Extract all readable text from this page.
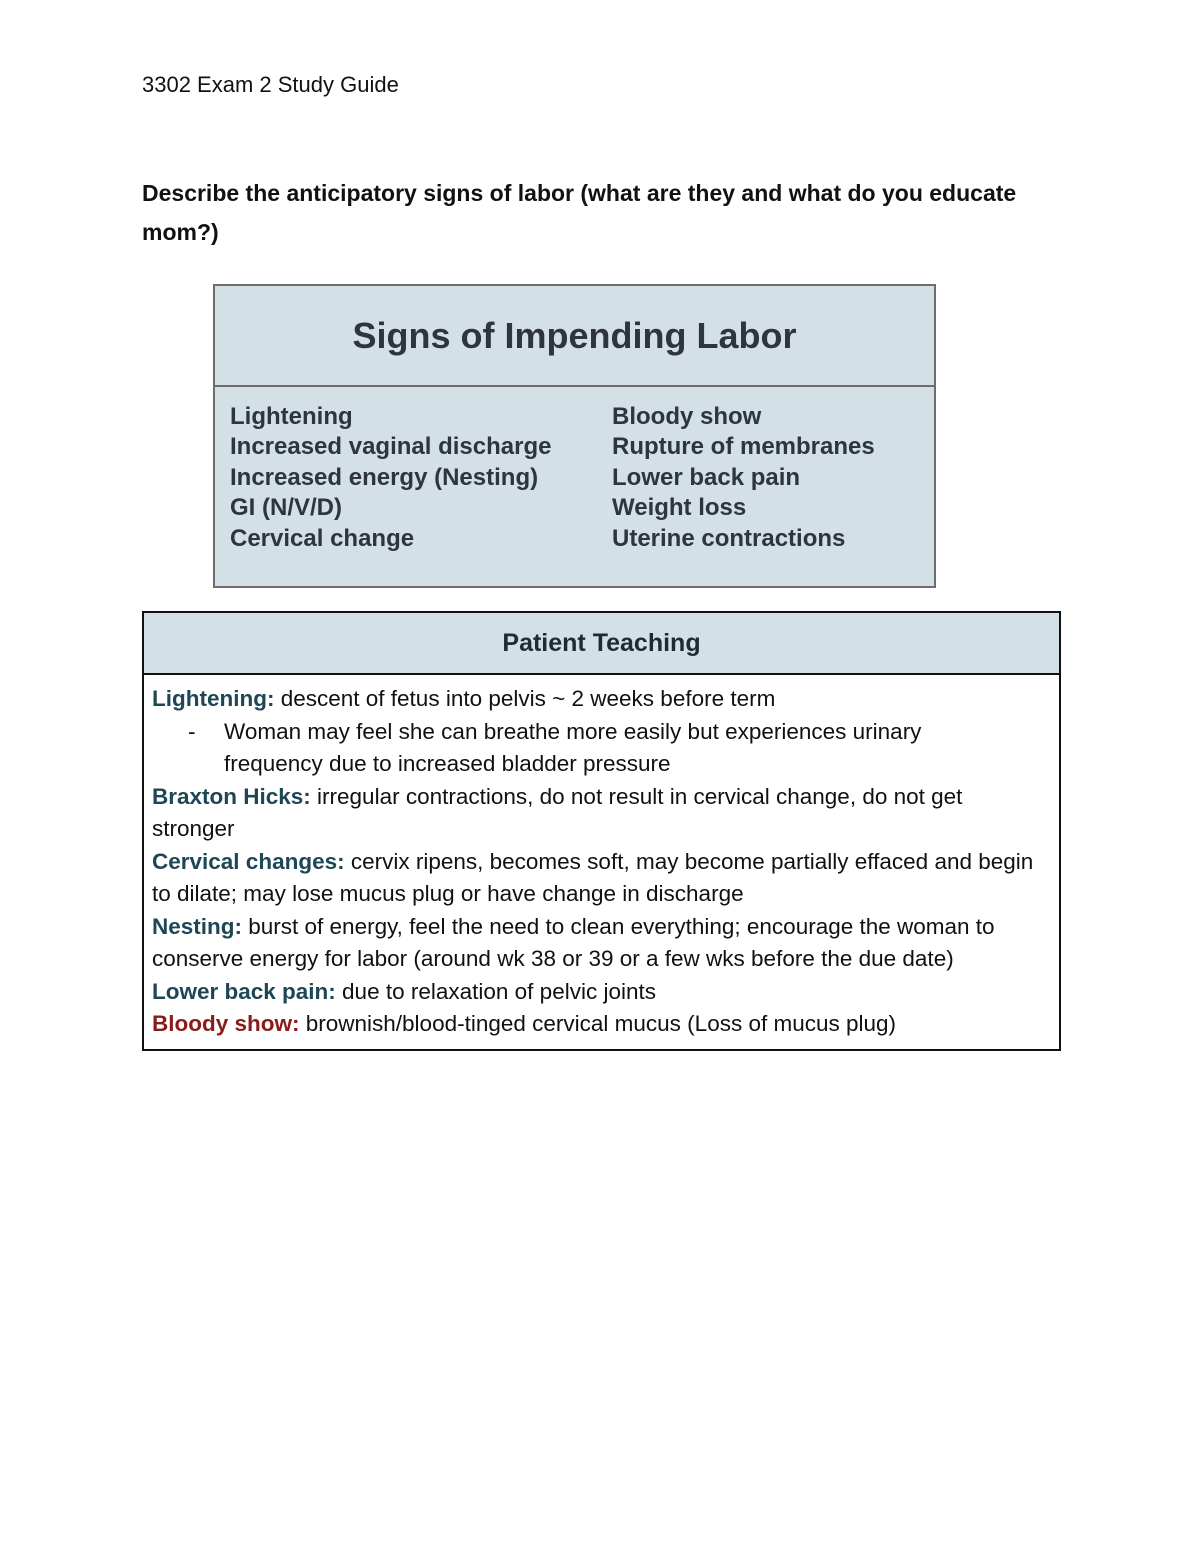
3302 Exam 2 Study Guide
Describe the anticipatory signs of labor (what are they and what do you educate mom?)
Signs of Impending Labor
Lightening
Increased vaginal discharge
Increased energy (Nesting)
GI (N/V/D)
Cervical change
Bloody show
Rupture of membranes
Lower back pain
Weight loss
Uterine contractions
Patient Teaching

Lightening: descent of fetus into pelvis ~ 2 weeks before term

-	Woman may feel she can breathe more easily but experiences urinary frequency due to increased bladder pressure

Braxton Hicks: irregular contractions, do not result in cervical change, do not get stronger

Cervical changes: cervix ripens, becomes soft, may become partially effaced and begin to dilate; may lose mucus plug or have change in discharge

Nesting: burst of energy, feel the need to clean everything; encourage the woman to conserve energy for labor (around wk 38 or 39 or a few wks before the due date)

Lower back pain: due to relaxation of pelvic joints

Bloody show: brownish/blood-tinged cervical mucus (Loss of mucus plug)
